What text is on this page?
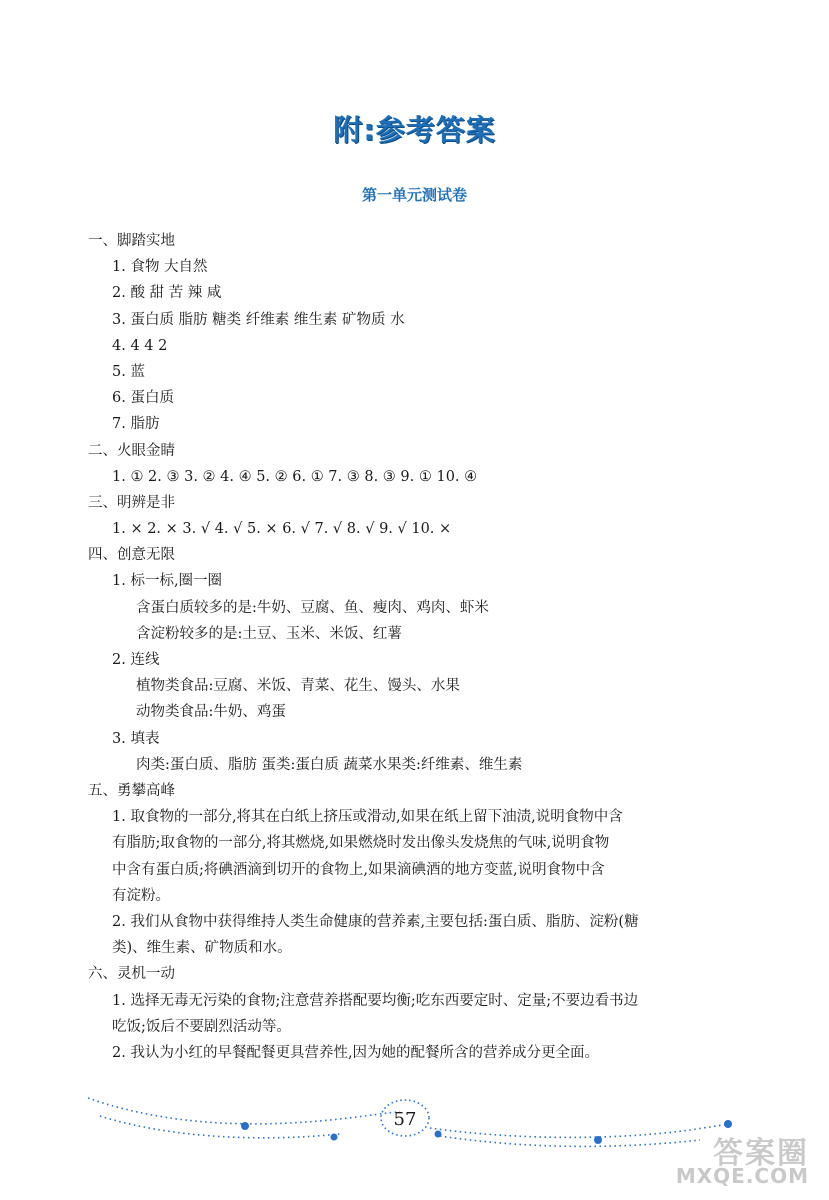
附:参考答案
第一单元测试卷
一、脚踏实地
1. 食物 大自然
2. 酸 甜 苦 辣 咸
3. 蛋白质 脂肪 糖类 纤维素 维生素 矿物质 水
4. 4 4 2
5. 蓝
6. 蛋白质
7. 脂肪
二、火眼金睛
1. ① 2. ③ 3. ② 4. ④ 5. ② 6. ① 7. ③ 8. ③ 9. ① 10. ④
三、明辨是非
1. × 2. × 3. √ 4. √ 5. × 6. √ 7. √ 8. √ 9. √ 10. ×
四、创意无限
1. 标一标,圈一圈
含蛋白质较多的是:牛奶、豆腐、鱼、瘦肉、鸡肉、虾米
含淀粉较多的是:土豆、玉米、米饭、红薯
2. 连线
植物类食品:豆腐、米饭、青菜、花生、馒头、水果
动物类食品:牛奶、鸡蛋
3. 填表
肉类:蛋白质、脂肪 蛋类:蛋白质 蔬菜水果类:纤维素、维生素
五、勇攀高峰
1. 取食物的一部分,将其在白纸上挤压或滑动,如果在纸上留下油渍,说明食物中含
有脂肪;取食物的一部分,将其燃烧,如果燃烧时发出像头发烧焦的气味,说明食物
中含有蛋白质;将碘酒滴到切开的食物上,如果滴碘酒的地方变蓝,说明食物中含
有淀粉。
2. 我们从食物中获得维持人类生命健康的营养素,主要包括:蛋白质、脂肪、淀粉(糖
类)、维生素、矿物质和水。
六、灵机一动
1. 选择无毒无污染的食物;注意营养搭配要均衡;吃东西要定时、定量;不要边看书边
吃饭;饭后不要剧烈活动等。
2. 我认为小红的早餐配餐更具营养性,因为她的配餐所含的营养成分更全面。
57
答案圈
MXQE.COM
